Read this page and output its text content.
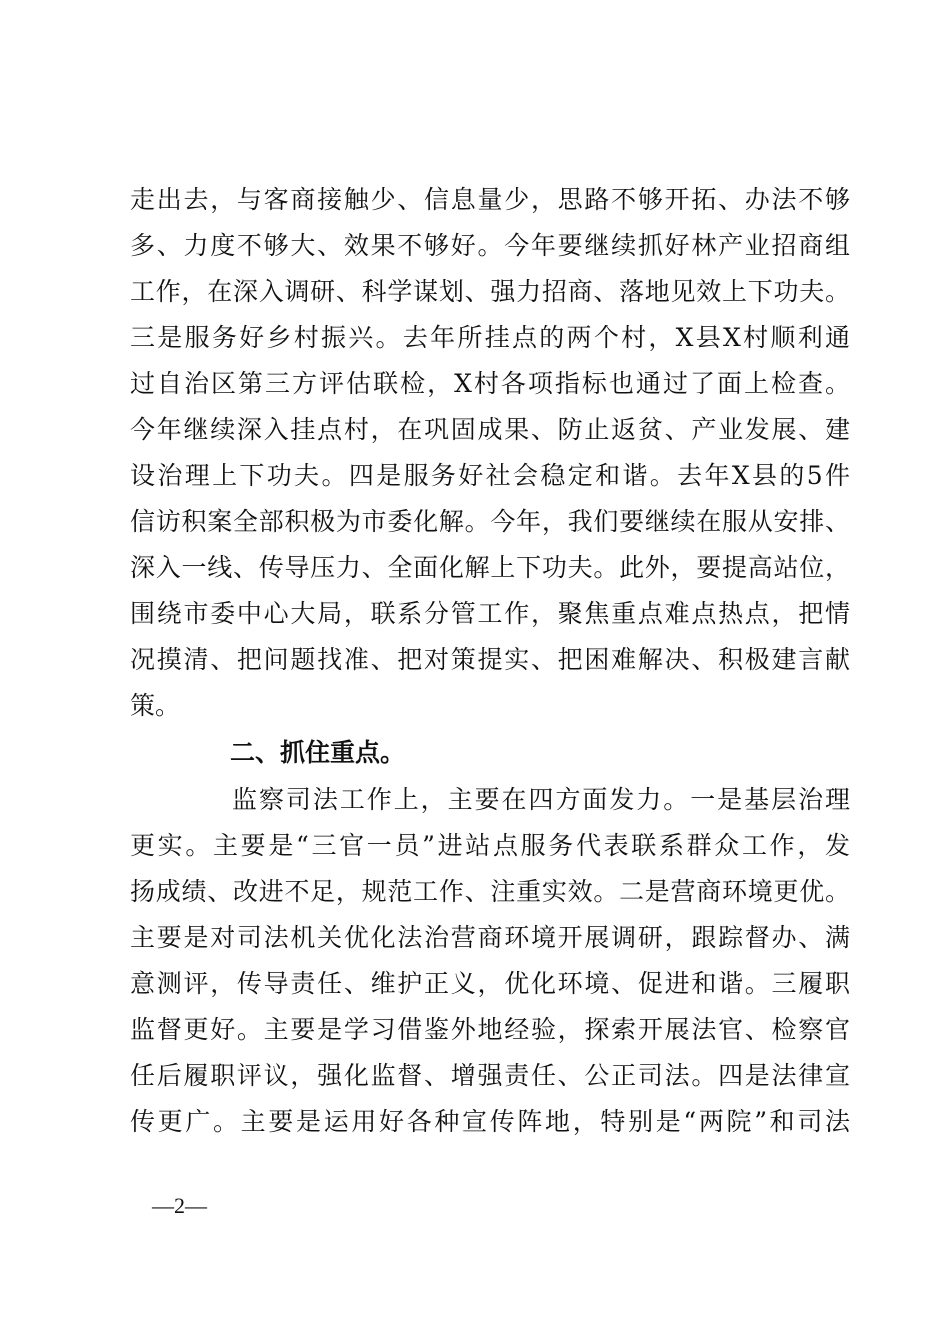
走出去，与客商接触少、信息量少，思路不够开拓、办法不够
多、力度不够大、效果不够好。今年要继续抓好林产业招商组
工作，在深入调研、科学谋划、强力招商、落地见效上下功夫。
三是服务好乡村振兴。去年所挂点的两个村，X县X村顺利通
过自治区第三方评估联检，X村各项指标也通过了面上检查。
今年继续深入挂点村，在巩固成果、防止返贫、产业发展、建
设治理上下功夫。四是服务好社会稳定和谐。去年X县的5件
信访积案全部积极为市委化解。今年，我们要继续在服从安排、
深入一线、传导压力、全面化解上下功夫。此外，要提高站位，
围绕市委中心大局，联系分管工作，聚焦重点难点热点，把情
况摸清、把问题找准、把对策提实、把困难解决、积极建言献
策。
二、抓住重点。
监察司法工作上，主要在四方面发力。一是基层治理
更实。主要是“三官一员”进站点服务代表联系群众工作，发
扬成绩、改进不足，规范工作、注重实效。二是营商环境更优。
主要是对司法机关优化法治营商环境开展调研，跟踪督办、满
意测评，传导责任、维护正义，优化环境、促进和谐。三履职
监督更好。主要是学习借鉴外地经验，探索开展法官、检察官
任后履职评议，强化监督、增强责任、公正司法。四是法律宣
传更广。主要是运用好各种宣传阵地，特别是“两院”和司法
—2—
